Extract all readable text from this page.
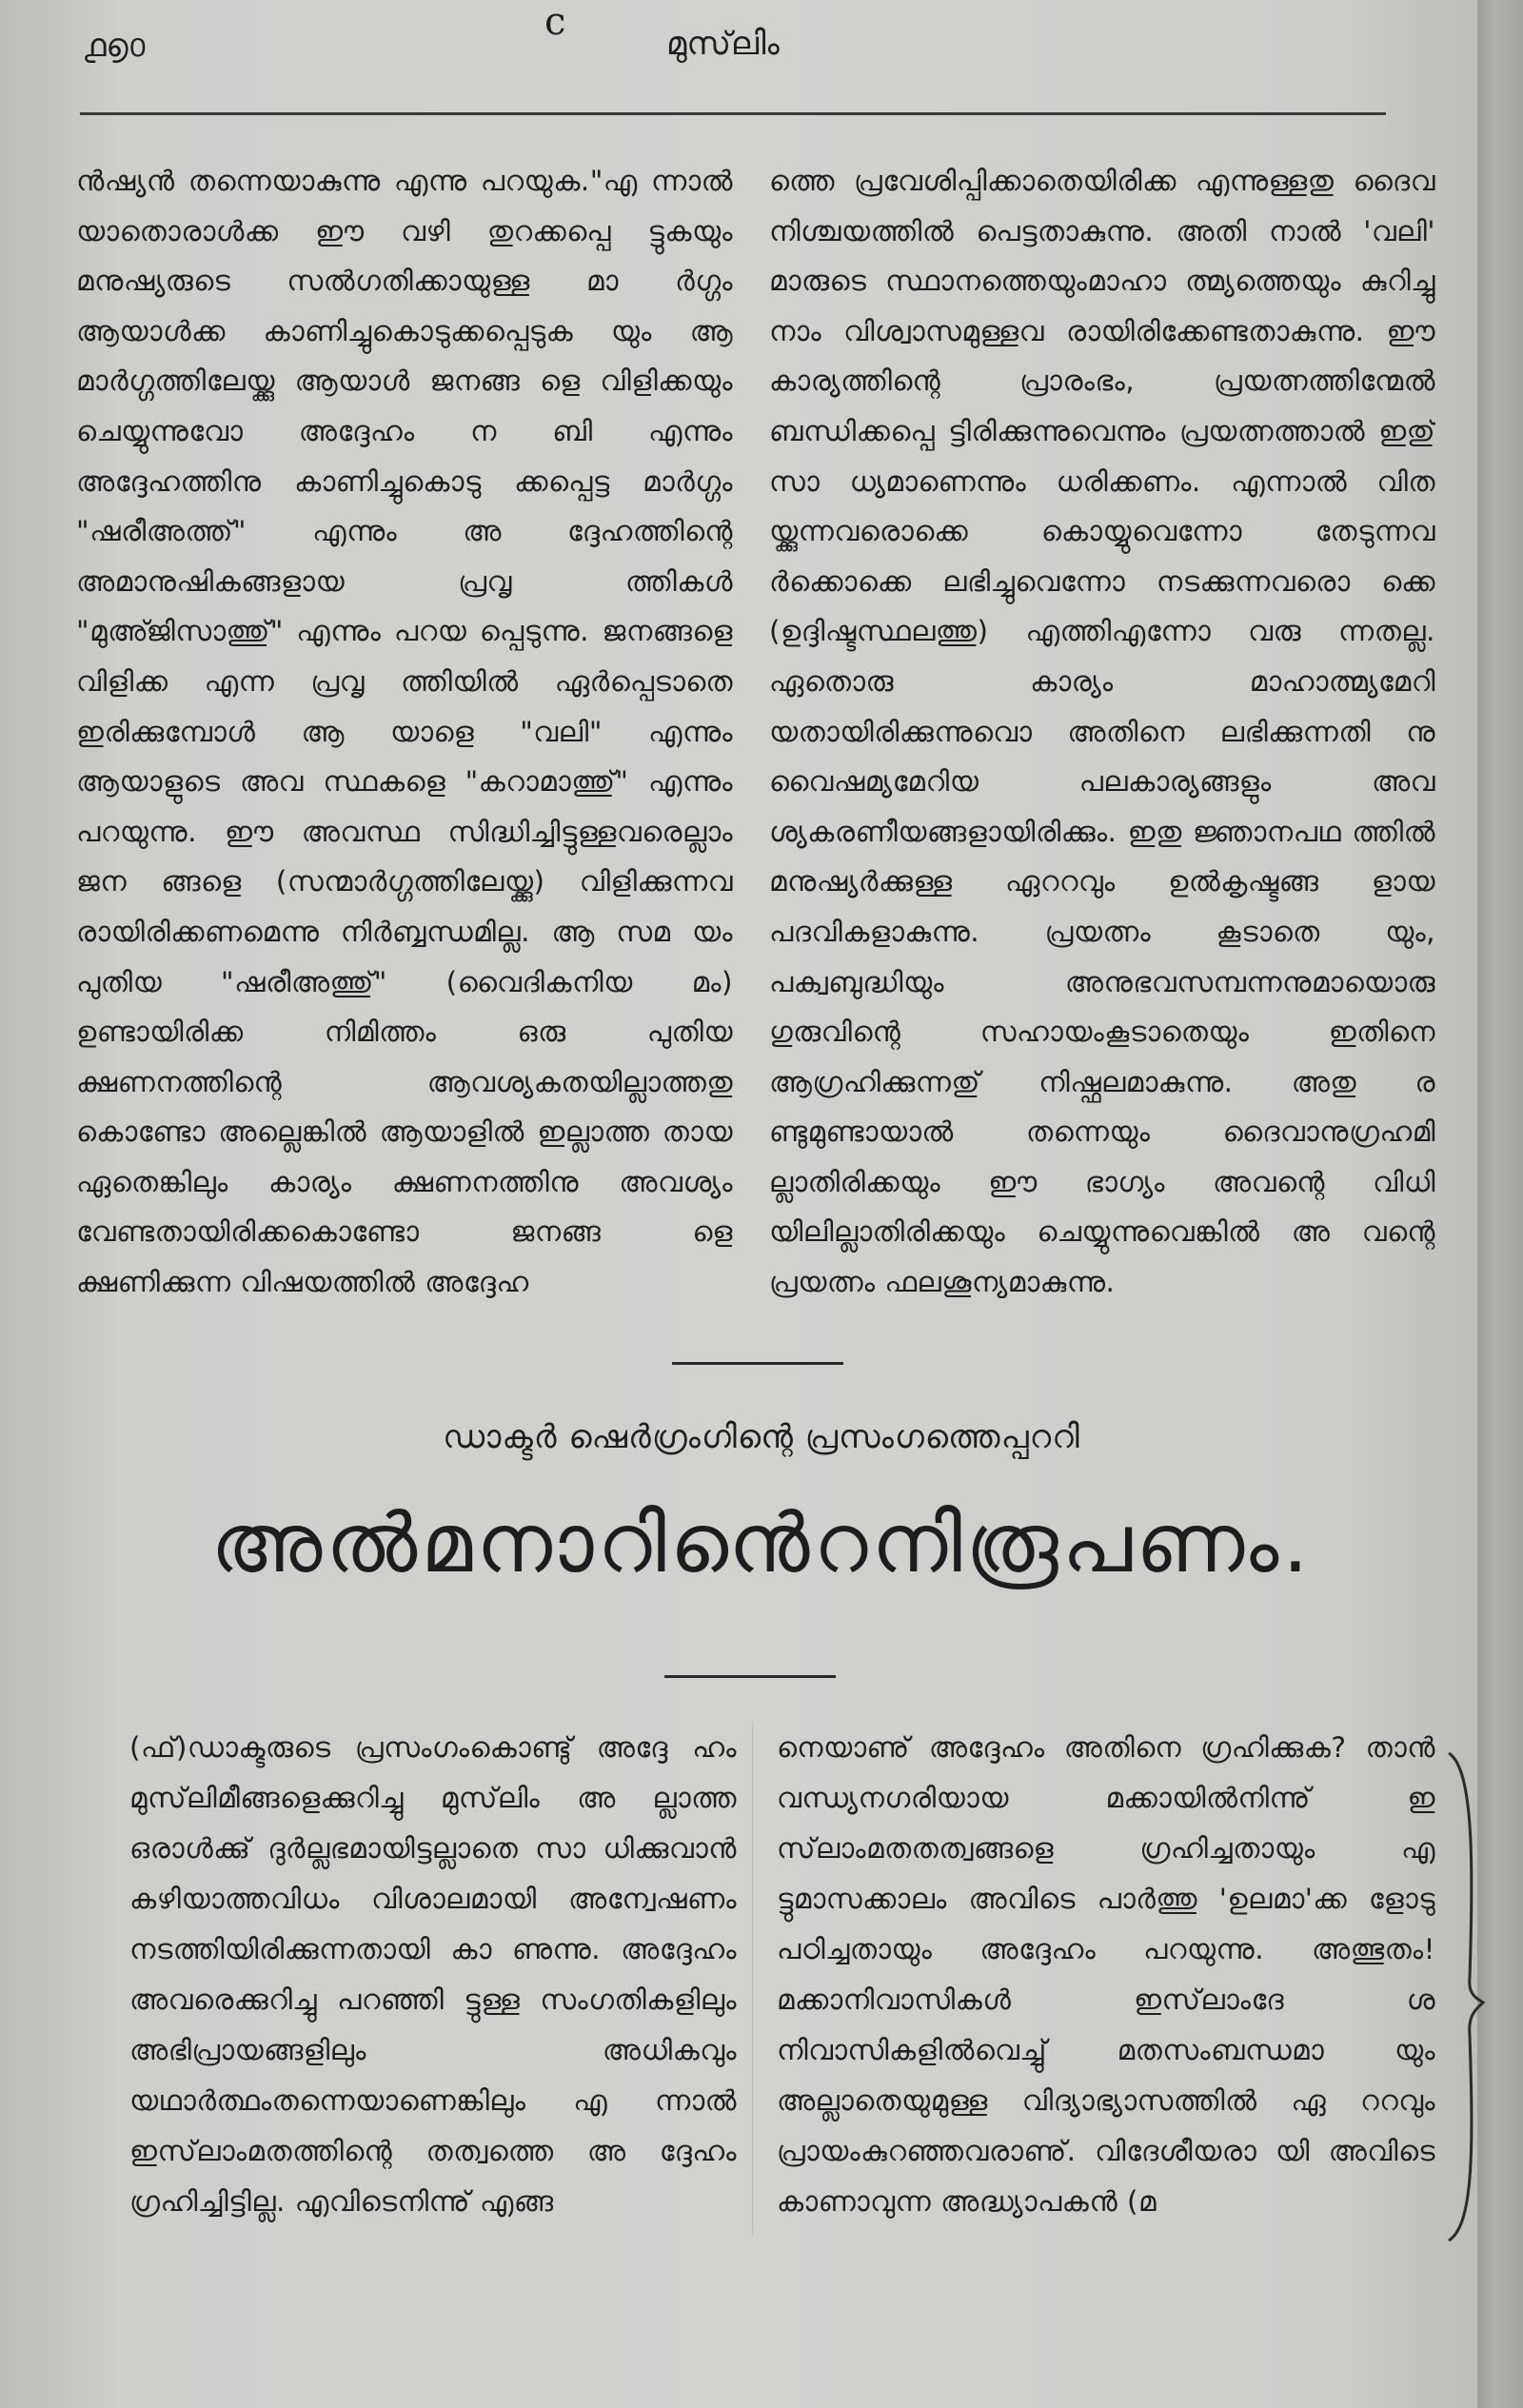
൧൭൦
c	മുസ്‌ലിം

ൻഷ്യൻ തന്നെയാകുന്നു എന്നു പറയുക."എ ന്നാൽ യാതൊരാൾക്ക ഈ വഴി തുറക്കപ്പെ ട്ടുകയും മനുഷ്യരുടെ സൽഗതിക്കായുള്ള മാ ർഗ്ഗം ആയാൾക്ക കാണിച്ചുകൊടുക്കപ്പെടുക യും ആ മാർഗ്ഗത്തിലേയ്ക്കു ആയാൾ ജനങ്ങ ളെ വിളിക്കയും ചെയ്യുന്നുവോ അദ്ദേഹം ന ബി എന്നും അദ്ദേഹത്തിനു കാണിച്ചുകൊടു ക്കപ്പെട്ട മാർഗ്ഗം "ഷരീഅത്ത്" എന്നും അ ദ്ദേഹത്തിന്റെ അമാനുഷികങ്ങളായ പ്രവൃ ത്തികൾ "മുഅ്ജിസാത്തു്" എന്നും പറയ പ്പെടുന്നു. ജനങ്ങളെ വിളിക്ക എന്ന പ്രവൃ ത്തിയിൽ ഏർപ്പെടാതെ ഇരിക്കുമ്പോൾ ആ യാളെ "വലി" എന്നും ആയാളുടെ അവ സ്ഥകളെ "കറാമാത്തു്" എന്നും പറയുന്നു. ഈ അവസ്ഥ സിദ്ധിച്ചിട്ടുള്ളവരെല്ലാം ജന ങ്ങളെ (സന്മാർഗ്ഗത്തിലേയ്ക്കു) വിളിക്കുന്നവ രായിരിക്കണമെന്നു നിർബ്ബന്ധമില്ല. ആ സമ യം പുതിയ "ഷരീഅത്തു്" (വൈദികനിയ മം) ഉണ്ടായിരിക്ക നിമിത്തം ഒരു പുതിയ ക്ഷണനത്തിന്റെ ആവശ്യകതയില്ലാത്തതു കൊണ്ടോ അല്ലെങ്കിൽ ആയാളിൽ ഇല്ലാത്ത തായ ഏതെങ്കിലും കാര്യം ക്ഷണനത്തിനു അവശ്യം വേണ്ടതായിരിക്കകൊണ്ടോ ജനങ്ങ ളെ ക്ഷണിക്കുന്ന വിഷയത്തിൽ അദ്ദേഹ

ത്തെ പ്രവേശിപ്പിക്കാതെയിരിക്ക എന്നുള്ളതു ദൈവ നിശ്ചയത്തിൽ പെട്ടതാകുന്നു. അതി നാൽ 'വലി' മാരുടെ സ്ഥാനത്തെയുംമാഹാ ത്മ്യത്തെയും കുറിച്ചു നാം വിശ്വാസമുള്ളവ രായിരിക്കേണ്ടതാകുന്നു. ഈ കാര്യത്തിന്റെ പ്രാരംഭം, പ്രയത്നത്തിന്മേൽ ബന്ധിക്കപ്പെ ട്ടിരിക്കുന്നുവെന്നും പ്രയത്നത്താൽ ഇതു് സാ ധ്യമാണെന്നും ധരിക്കണം. എന്നാൽ വിത യ്ക്കുന്നവരൊക്കെ കൊയ്യുവെന്നോ തേടുന്നവ ർക്കൊക്കെ ലഭിച്ചുവെന്നോ നടക്കുന്നവരൊ ക്കെ (ഉദ്ദിഷ്ടസ്ഥലത്തു) എത്തിഎന്നോ വരു ന്നതല്ല. ഏതൊരു കാര്യം മാഹാത്മ്യമേറി യതായിരിക്കുന്നുവൊ അതിനെ ലഭിക്കുന്നതി നു വൈഷമ്യമേറിയ പലകാര്യങ്ങളും അവ ശ്യകരണീയങ്ങളായിരിക്കും. ഇതു ജ്ഞാനപഥ ത്തിൽ മനുഷ്യർക്കുള്ള ഏററവും ഉൽകൃഷ്ടങ്ങ ളായ പദവികളാകുന്നു. പ്രയത്നം കൂടാതെ യും, പക്വബുദ്ധിയും അനുഭവസമ്പന്നനുമായൊരു ഗുരുവിന്റെ സഹായംകൂടാതെയും ഇതിനെ ആഗ്രഹിക്കുന്നതു് നിഷ്ഫലമാകുന്നു. അതു ര ണ്ടുമുണ്ടായാൽ തന്നെയും ദൈവാനുഗ്രഹമി ല്ലാതിരിക്കയും ഈ ഭാഗ്യം അവന്റെ വിധി യിലില്ലാതിരിക്കയും ചെയ്യുന്നുവെങ്കിൽ അ വന്റെ പ്രയത്നം ഫലശൂന്യമാകുന്നു.

ഡാക്ടർ ഷെർഗ്രംഗിന്റെ പ്രസംഗത്തെപ്പററി
അൽമനാറിൻെറനിരൂപണം.

(ഫ്)ഡാക്ടരുടെ പ്രസംഗംകൊണ്ടു് അദ്ദേ ഹം മുസ്‌ലിമീങ്ങളെക്കുറിച്ചു മുസ്‌ലിം അ ല്ലാത്ത ഒരാൾക്കു് ദുർല്ലഭമായിട്ടല്ലാതെ സാ ധിക്കുവാൻ കഴിയാത്തവിധം വിശാലമായി അന്വേഷണം നടത്തിയിരിക്കുന്നതായി കാ ണുന്നു. അദ്ദേഹം അവരെക്കുറിച്ചു പറഞ്ഞി ട്ടുള്ള സംഗതികളിലും അഭിപ്രായങ്ങളിലും അധികവും യഥാർത്ഥംതന്നെയാണെങ്കിലും എ ന്നാൽ ഇസ്‌ലാംമതത്തിന്റെ തത്വത്തെ അ ദ്ദേഹം ഗ്രഹിച്ചിട്ടില്ല. എവിടെനിന്നു് എങ്ങ

നെയാണു് അദ്ദേഹം അതിനെ ഗ്രഹിക്കുക? താൻ വന്ധ്യനഗരിയായ മക്കായിൽനിന്നു് ഇ സ്‌ലാംമതതത്വങ്ങളെ ഗ്രഹിച്ചതായും എ ട്ടുമാസക്കാലം അവിടെ പാർത്തു 'ഉലമാ'ക്ക ളോടു പഠിച്ചതായും അദ്ദേഹം പറയുന്നു. അത്ഭുതം! മക്കാനിവാസികൾ ഇസ്‌ലാംദേ ശ നിവാസികളിൽവെച്ചു് മതസംബന്ധമാ യും അല്ലാതെയുമുള്ള വിദ്യാഭ്യാസത്തിൽ ഏ ററവും പ്രായംകുറഞ്ഞവരാണു്. വിദേശീയരാ യി അവിടെ കാണാവുന്ന അദ്ധ്യാപകൻ (മ
